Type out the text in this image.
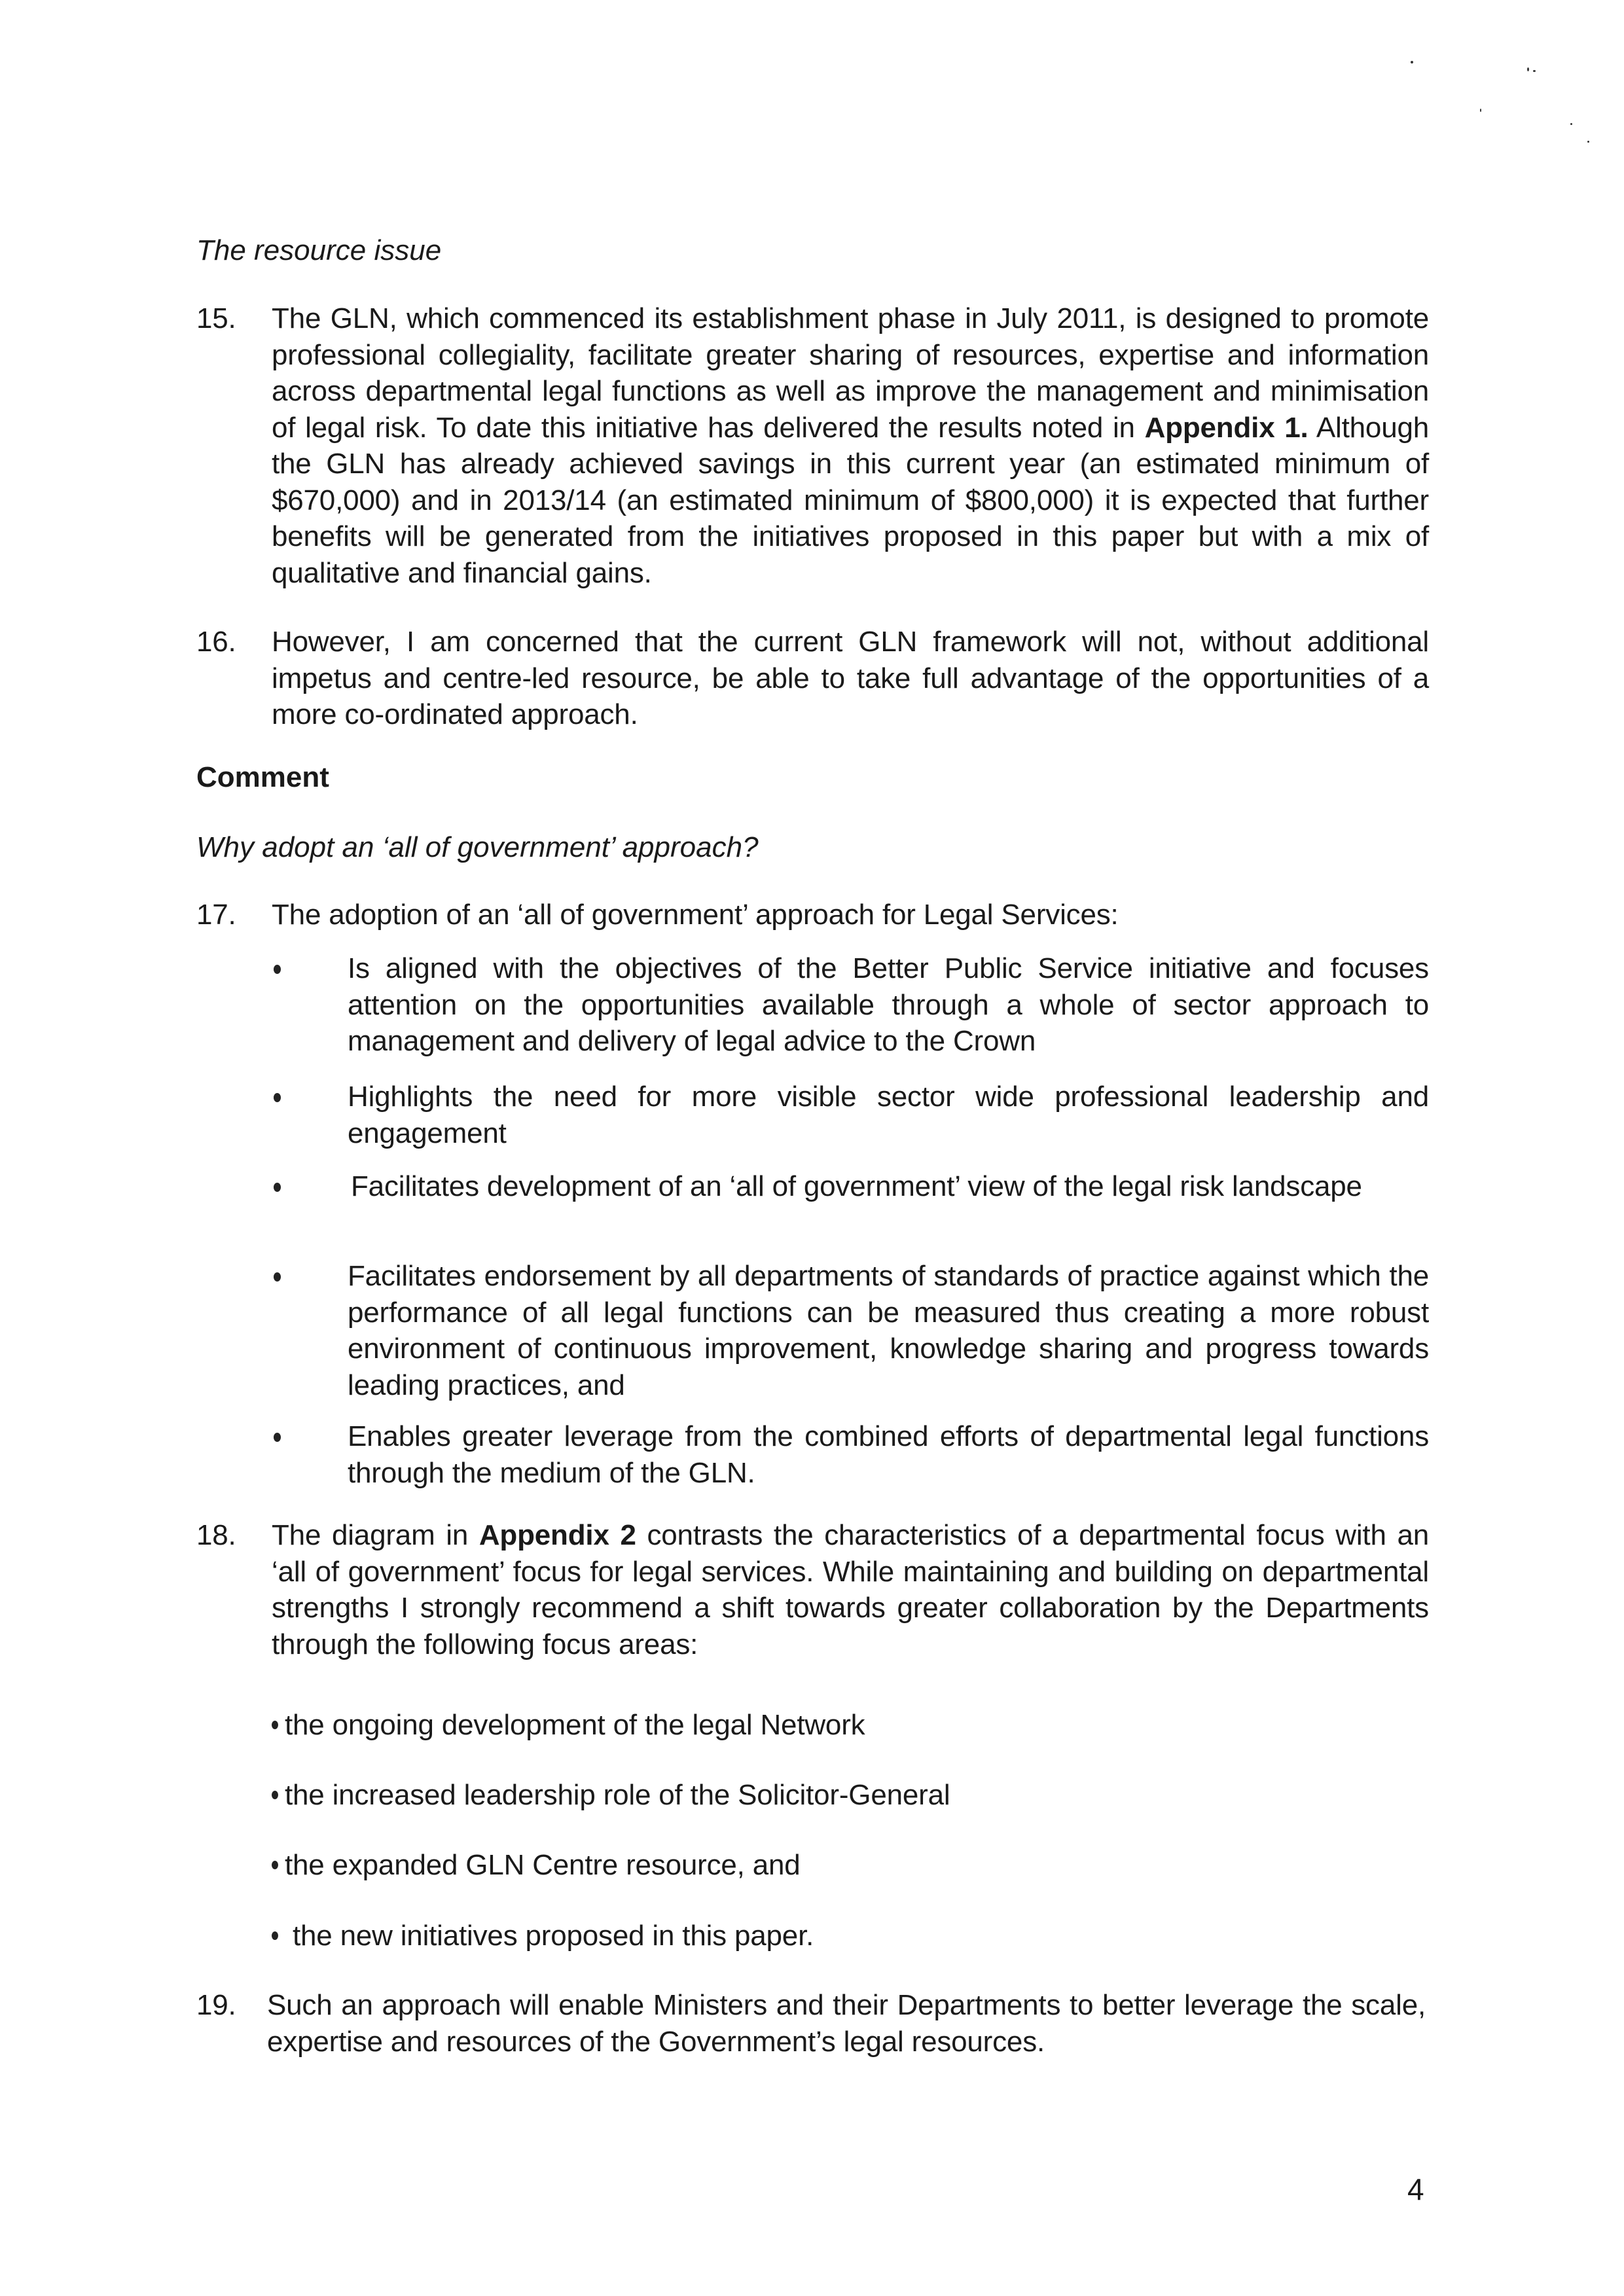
The resource issue
15. The GLN, which commenced its establishment phase in July 2011, is designed to promote professional collegiality, facilitate greater sharing of resources, expertise and information across departmental legal functions as well as improve the management and minimisation of legal risk. To date this initiative has delivered the results noted in Appendix 1. Although the GLN has already achieved savings in this current year (an estimated minimum of $670,000) and in 2013/14 (an estimated minimum of $800,000) it is expected that further benefits will be generated from the initiatives proposed in this paper but with a mix of qualitative and financial gains.
16. However, I am concerned that the current GLN framework will not, without additional impetus and centre-led resource, be able to take full advantage of the opportunities of a more co-ordinated approach.
Comment
Why adopt an ‘all of government’ approach?
17. The adoption of an ‘all of government’ approach for Legal Services:
Is aligned with the objectives of the Better Public Service initiative and focuses attention on the opportunities available through a whole of sector approach to management and delivery of legal advice to the Crown
Highlights the need for more visible sector wide professional leadership and engagement
Facilitates development of an ‘all of government’ view of the legal risk landscape
Facilitates endorsement by all departments of standards of practice against which the performance of all legal functions can be measured thus creating a more robust environment of continuous improvement, knowledge sharing and progress towards leading practices, and
Enables greater leverage from the combined efforts of departmental legal functions through the medium of the GLN.
18. The diagram in Appendix 2 contrasts the characteristics of a departmental focus with an ‘all of government’ focus for legal services. While maintaining and building on departmental strengths I strongly recommend a shift towards greater collaboration by the Departments through the following focus areas:
the ongoing development of the legal Network
the increased leadership role of the Solicitor-General
the expanded GLN Centre resource, and
the new initiatives proposed in this paper.
19. Such an approach will enable Ministers and their Departments to better leverage the scale, expertise and resources of the Government’s legal resources.
4
